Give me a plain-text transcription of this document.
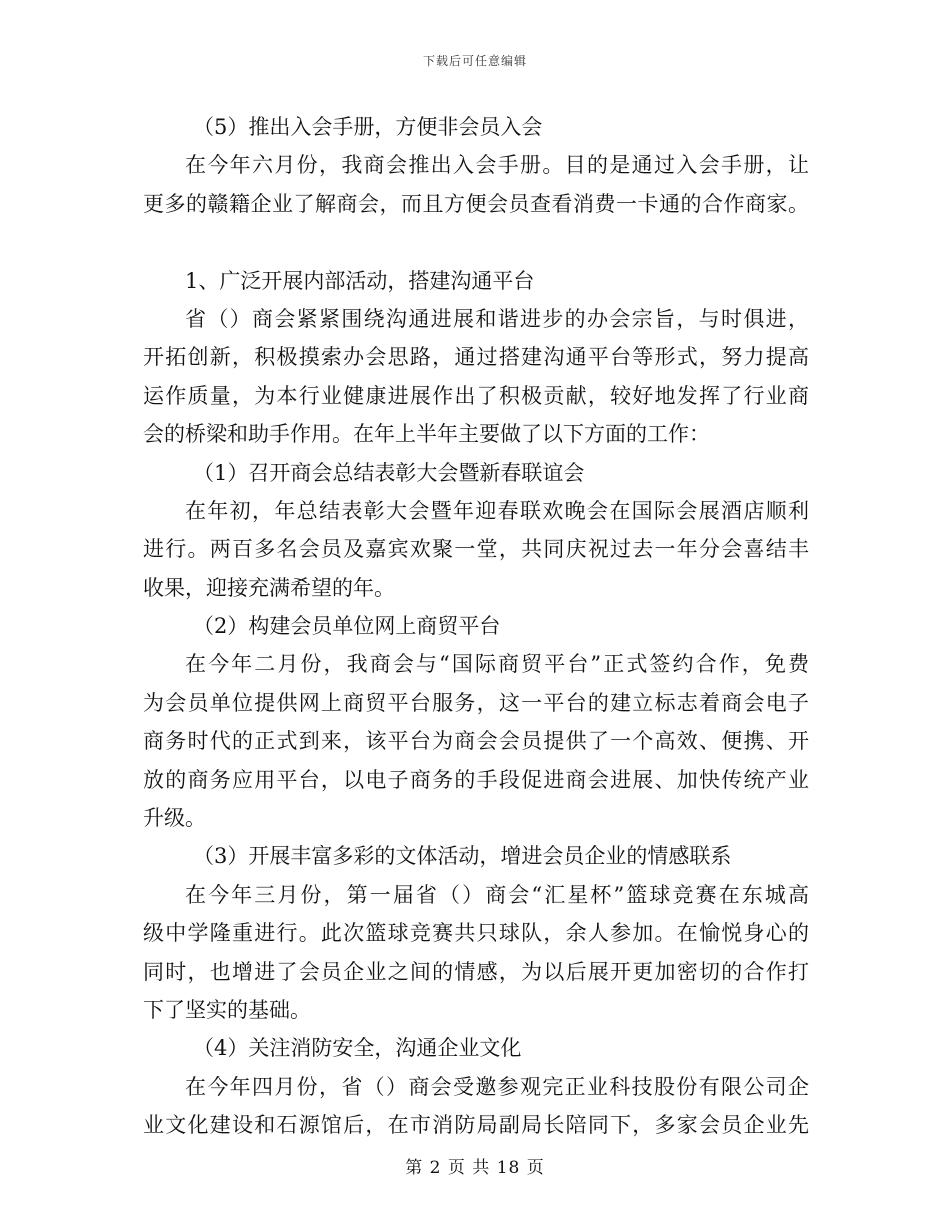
下载后可任意编辑
（5）推出入会手册，方便非会员入会
在今年六月份，我商会推出入会手册。目的是通过入会手册，让
更多的赣籍企业了解商会，而且方便会员查看消费一卡通的合作商家。
1、广泛开展内部活动，搭建沟通平台
省（）商会紧紧围绕沟通进展和谐进步的办会宗旨，与时俱进，
开拓创新，积极摸索办会思路，通过搭建沟通平台等形式，努力提高
运作质量，为本行业健康进展作出了积极贡献，较好地发挥了行业商
会的桥梁和助手作用。在年上半年主要做了以下方面的工作：
（1）召开商会总结表彰大会暨新春联谊会
在年初，年总结表彰大会暨年迎春联欢晚会在国际会展酒店顺利
进行。两百多名会员及嘉宾欢聚一堂，共同庆祝过去一年分会喜结丰
收果，迎接充满希望的年。
（2）构建会员单位网上商贸平台
在今年二月份，我商会与“国际商贸平台”正式签约合作，免费
为会员单位提供网上商贸平台服务，这一平台的建立标志着商会电子
商务时代的正式到来，该平台为商会会员提供了一个高效、便携、开
放的商务应用平台，以电子商务的手段促进商会进展、加快传统产业
升级。
（3）开展丰富多彩的文体活动，增进会员企业的情感联系
在今年三月份，第一届省（）商会“汇星杯”篮球竞赛在东城高
级中学隆重进行。此次篮球竞赛共只球队，余人参加。在愉悦身心的
同时，也增进了会员企业之间的情感，为以后展开更加密切的合作打
下了坚实的基础。
（4）关注消防安全，沟通企业文化
在今年四月份，省（）商会受邀参观完正业科技股份有限公司企
业文化建设和石源馆后，在市消防局副局长陪同下，多家会员企业先
第 2 页 共 18 页
